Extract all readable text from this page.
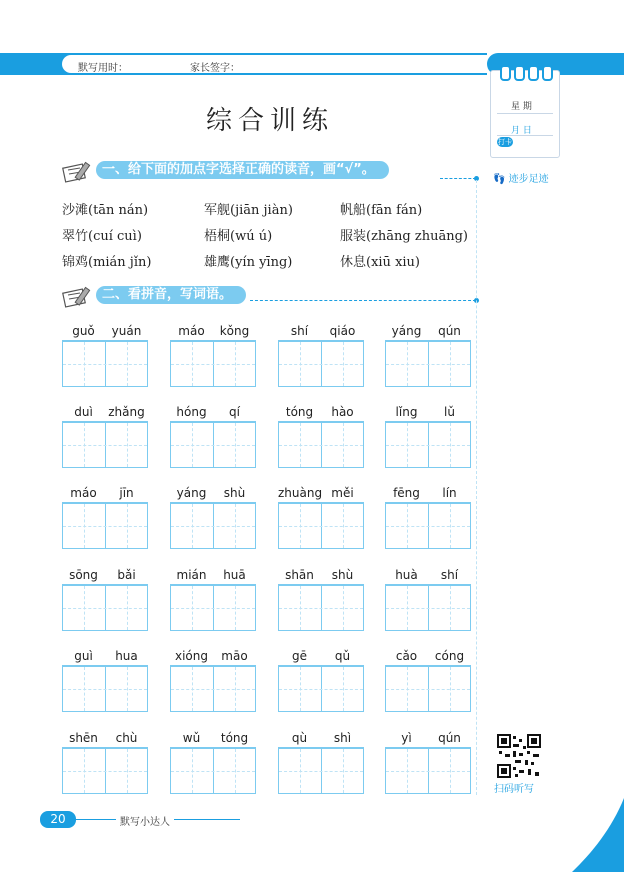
默写用时：	家长签字：
星 期
月 日
打卡
👣 迹步足迹
综合训练
一、给下面的加点字选择正确的读音，画“√”。
沙滩(tān nán)	军舰(jiān jiàn)	帆船(fān fán)
翠竹(cuí cuì)	梧桐(wú ú)	服装(zhāng zhuāng)
锦鸡(mián jǐn)	雄鹰(yín yīng)	休息(xiū xiu)
二、看拼音，写词语。
guǒ	yuán	máo	kǒng	shí	qiáo	yáng	qún
duì	zhǎng	hóng	qí	tóng	hào	lǐng	lǔ
máo	jīn	yáng	shù	zhuàng měi	fēng	lín
sōng	bǎi	mián	huā	shān	shù	huà	shí
guì	hua	xióng	māo	gē	qǔ	cǎo	cóng
shēn	chù	wǔ	tóng	qù	shì	yì	qún
扫码听写
20	默写小达人
